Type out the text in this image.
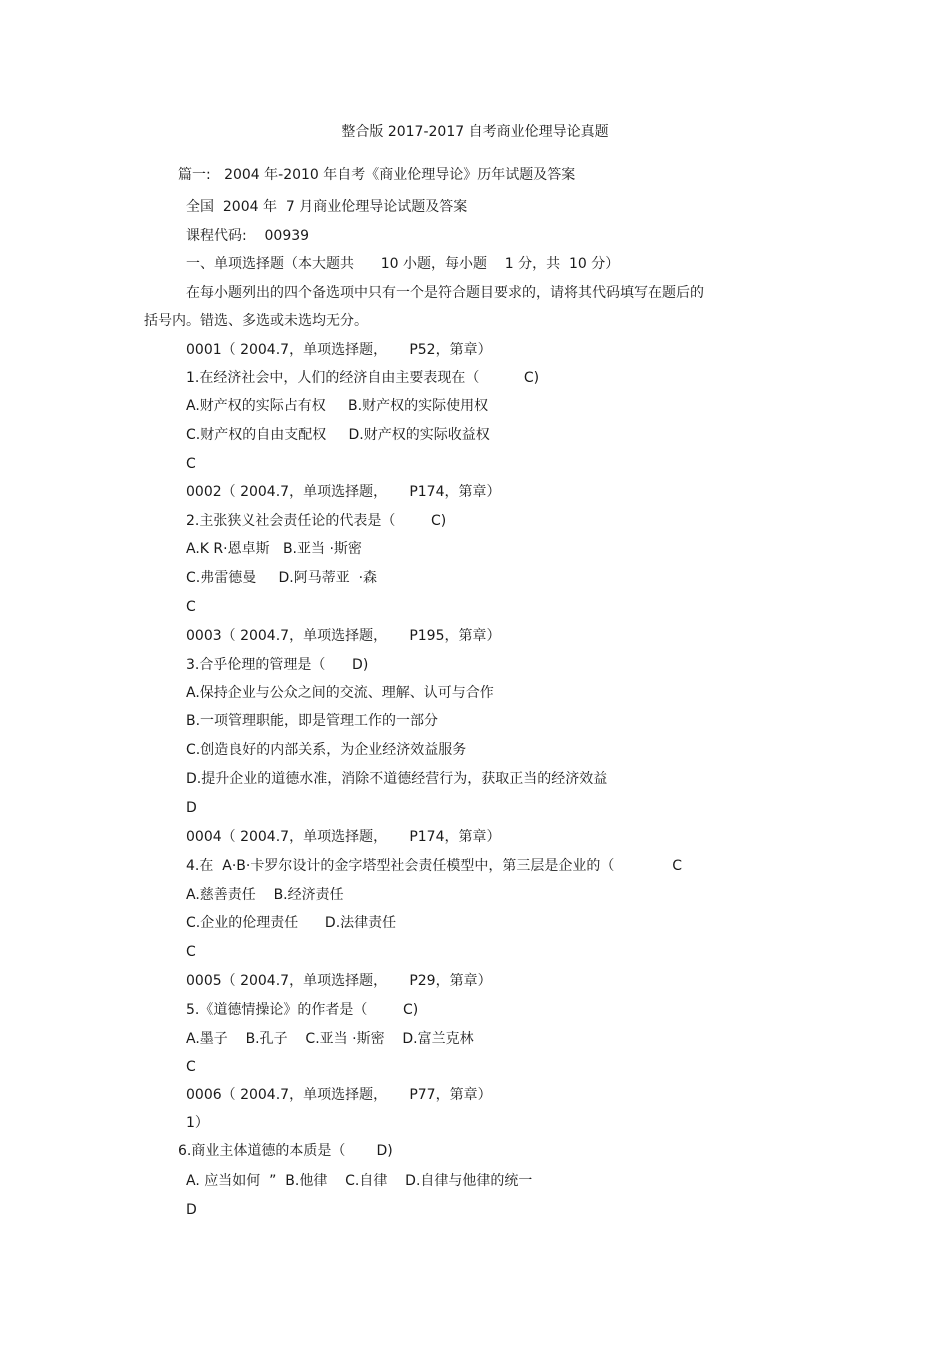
整合版 2017-2017 自考商业伦理导论真题
篇一:   2004 年-2010 年自考《商业伦理导论》历年试题及答案
全国  2004 年  7 月商业伦理导论试题及答案
课程代码:    00939
一、单项选择题（本大题共      10 小题，每小题    1 分，共  10 分）
在每小题列出的四个备选项中只有一个是符合题目要求的，请将其代码填写在题后的
括号内。错选、多选或未选均无分。
0001（ 2004.7，单项选择题，     P52，第章）
1.在经济社会中，人们的经济自由主要表现在（          C)
A.财产权的实际占有权     B.财产权的实际使用权
C.财产权的自由支配权     D.财产权的实际收益权
C
0002（ 2004.7，单项选择题，     P174，第章）
2.主张狭义社会责任论的代表是（        C)
A.K R·恩卓斯   B.亚当 ·斯密
C.弗雷德曼     D.阿马蒂亚  ·森
C
0003（ 2004.7，单项选择题，     P195，第章）
3.合乎伦理的管理是（      D)
A.保持企业与公众之间的交流、理解、认可与合作
B.一项管理职能，即是管理工作的一部分
C.创造良好的内部关系，为企业经济效益服务
D.提升企业的道德水准，消除不道德经营行为，获取正当的经济效益
D
0004（ 2004.7，单项选择题，     P174，第章）
4.在  A·B·卡罗尔设计的金字塔型社会责任模型中，第三层是企业的（             C
A.慈善责任    B.经济责任
C.企业的伦理责任      D.法律责任
C
0005（ 2004.7，单项选择题，     P29，第章）
5.《道德情操论》的作者是（        C)
A.墨子    B.孔子    C.亚当 ·斯密    D.富兰克林
C
0006（ 2004.7，单项选择题，     P77，第章）
1）
6.商业主体道德的本质是（       D)
A. 应当如何  ”  B.他律    C.自律    D.自律与他律的统一
D
